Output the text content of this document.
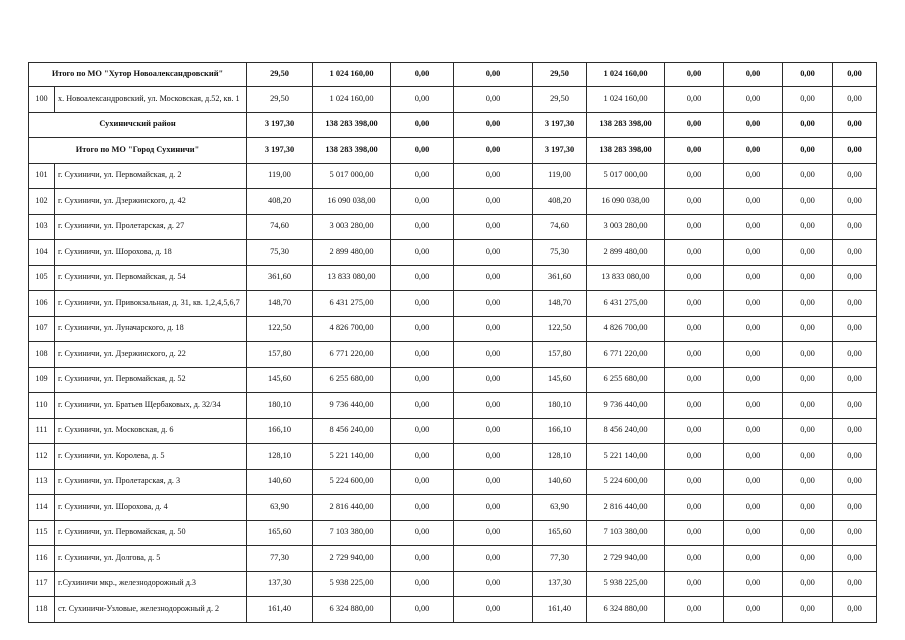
Итого по МО "Хутор Новоалександровский"		29,50	1 024 160,00	0,00	0,00	29,50	1 024 160,00	0,00	0,00	0,00	0,00
100	х. Новоалександровский, ул. Московская, д.52, кв. 1	29,50	1 024 160,00	0,00	0,00	29,50	1 024 160,00	0,00	0,00	0,00	0,00
Сухиничский район		3 197,30	138 283 398,00	0,00	0,00	3 197,30	138 283 398,00	0,00	0,00	0,00	0,00
Итого по МО "Город Сухиничи"		3 197,30	138 283 398,00	0,00	0,00	3 197,30	138 283 398,00	0,00	0,00	0,00	0,00
101	г. Сухиничи, ул. Первомайская, д. 2	119,00	5 017 000,00	0,00	0,00	119,00	5 017 000,00	0,00	0,00	0,00	0,00
102	г. Сухиничи, ул. Дзержинского, д. 42	408,20	16 090 038,00	0,00	0,00	408,20	16 090 038,00	0,00	0,00	0,00	0,00
103	г. Сухиничи, ул. Пролетарская, д. 27	74,60	3 003 280,00	0,00	0,00	74,60	3 003 280,00	0,00	0,00	0,00	0,00
104	г. Сухиничи, ул. Шорохова, д. 18	75,30	2 899 480,00	0,00	0,00	75,30	2 899 480,00	0,00	0,00	0,00	0,00
105	г. Сухиничи, ул. Первомайская, д. 54	361,60	13 833 080,00	0,00	0,00	361,60	13 833 080,00	0,00	0,00	0,00	0,00
106	г. Сухиничи, ул. Привокзальная, д. 31, кв. 1,2,4,5,6,7	148,70	6 431 275,00	0,00	0,00	148,70	6 431 275,00	0,00	0,00	0,00	0,00
107	г. Сухиничи, ул. Луначарского, д. 18	122,50	4 826 700,00	0,00	0,00	122,50	4 826 700,00	0,00	0,00	0,00	0,00
108	г. Сухиничи, ул. Дзержинского, д. 22	157,80	6 771 220,00	0,00	0,00	157,80	6 771 220,00	0,00	0,00	0,00	0,00
109	г. Сухиничи, ул. Первомайская, д. 52	145,60	6 255 680,00	0,00	0,00	145,60	6 255 680,00	0,00	0,00	0,00	0,00
110	г. Сухиничи, ул. Братьев Щербаковых, д. 32/34	180,10	9 736 440,00	0,00	0,00	180,10	9 736 440,00	0,00	0,00	0,00	0,00
111	г. Сухиничи, ул. Московская, д. 6	166,10	8 456 240,00	0,00	0,00	166,10	8 456 240,00	0,00	0,00	0,00	0,00
112	г. Сухиничи, ул. Королева, д. 5	128,10	5 221 140,00	0,00	0,00	128,10	5 221 140,00	0,00	0,00	0,00	0,00
113	г. Сухиничи, ул. Пролетарская, д. 3	140,60	5 224 600,00	0,00	0,00	140,60	5 224 600,00	0,00	0,00	0,00	0,00
114	г. Сухиничи, ул. Шорохова, д. 4	63,90	2 816 440,00	0,00	0,00	63,90	2 816 440,00	0,00	0,00	0,00	0,00
115	г. Сухиничи, ул. Первомайская, д. 50	165,60	7 103 380,00	0,00	0,00	165,60	7 103 380,00	0,00	0,00	0,00	0,00
116	г. Сухиничи, ул. Долгова, д. 5	77,30	2 729 940,00	0,00	0,00	77,30	2 729 940,00	0,00	0,00	0,00	0,00
117	г.Сухиничи мкр., железнодорожный д.3	137,30	5 938 225,00	0,00	0,00	137,30	5 938 225,00	0,00	0,00	0,00	0,00
118	ст. Сухиничи-Узловые, железнодорожный д. 2	161,40	6 324 880,00	0,00	0,00	161,40	6 324 880,00	0,00	0,00	0,00	0,00
